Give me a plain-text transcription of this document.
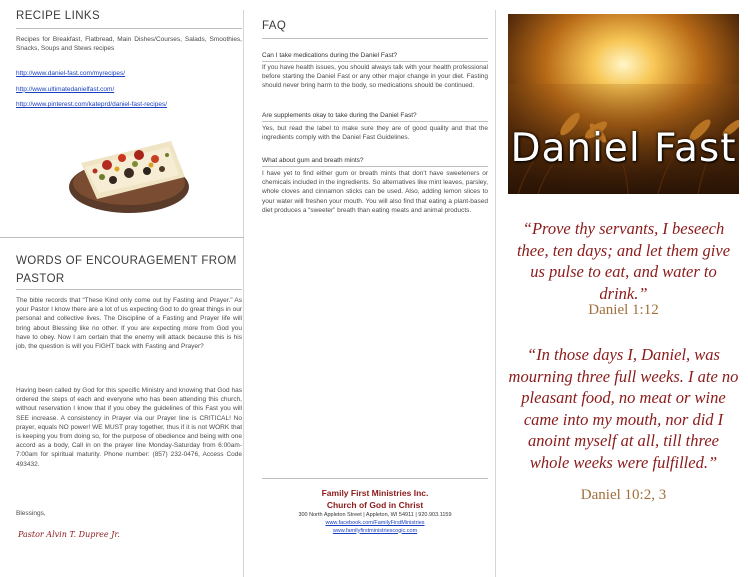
RECIPE LINKS
Recipes for Breakfast, Flatbread, Main Dishes/Courses, Salads, Smoothies, Snacks, Soups and Stews recipes
http://www.daniel-fast.com/myrecipes/
http://www.ultimatedanielfast.com/
http://www.pinterest.com/kateprd/daniel-fast-recipes/
WORDS OF ENCOURAGEMENT FROM PASTOR
The bible records that “These Kind only come out by Fasting and Prayer.” As your Pastor I know there are a lot of us expecting God to do great things in our personal and collective lives. The Discipline of a Fasting and Prayer life will bring about Blessing like no other. If you are expecting more from God you have to obey. Now I am certain that the enemy will attack because this is his job, the question is will you FIGHT back with Fasting and Prayer?
Having been called by God for this specific Ministry and knowing that God has ordered the steps of each and everyone who has been attending this church, without reservation I know that if you obey the guidelines of this Fast you will SEE increase. A consistency in Prayer via our Prayer line is CRITICAL! No prayer, equals NO power! WE MUST pray together, thus if it is not WORK that is keeping you from doing so, for the purpose of obedience and being with one accord as a body, Call in on the prayer line Monday-Saturday from 6:00am-7:00am for spiritual maturity. Phone number: (857) 232-0476, Access Code 493432.
Blessings,
Pastor Alvin T. Dupree Jr.
FAQ
Can I take medications during the Daniel Fast?
If you have health issues, you should always talk with your health professional before starting the Daniel Fast or any other major change in your diet. Fasting should never bring harm to the body, so medications should be continued.
Are supplements okay to take during the Daniel Fast?
Yes, but read the label to make sure they are of good quality and that the ingredients comply with the Daniel Fast Guidelines.
What about gum and breath mints?
I have yet to find either gum or breath mints that don’t have sweeteners or chemicals included in the ingredients. So alternatives like mint leaves, parsley, whole cloves and cinnamon sticks can be used. Also, adding lemon slices to your water will freshen your mouth. You will also find that eating a plant-based diet produces a “sweeter” breath than eating meats and animal products.
Family First Ministries Inc.
Church of God in Christ
300 North Appleton Street | Appleton, WI 54911 | 920.903.1159
www.facebook.com/FamilyFirstMinistries
www.familyfirstministriescogic.com
Daniel Fast
“Prove thy servants, I beseech thee, ten days; and let them give us pulse to eat, and water to drink.”
Daniel 1:12
“In those days I, Daniel, was mourning three full weeks. I ate no pleasant food, no meat or wine came into my mouth, nor did I anoint myself at all, till three whole weeks were fulfilled.”
Daniel 10:2, 3
